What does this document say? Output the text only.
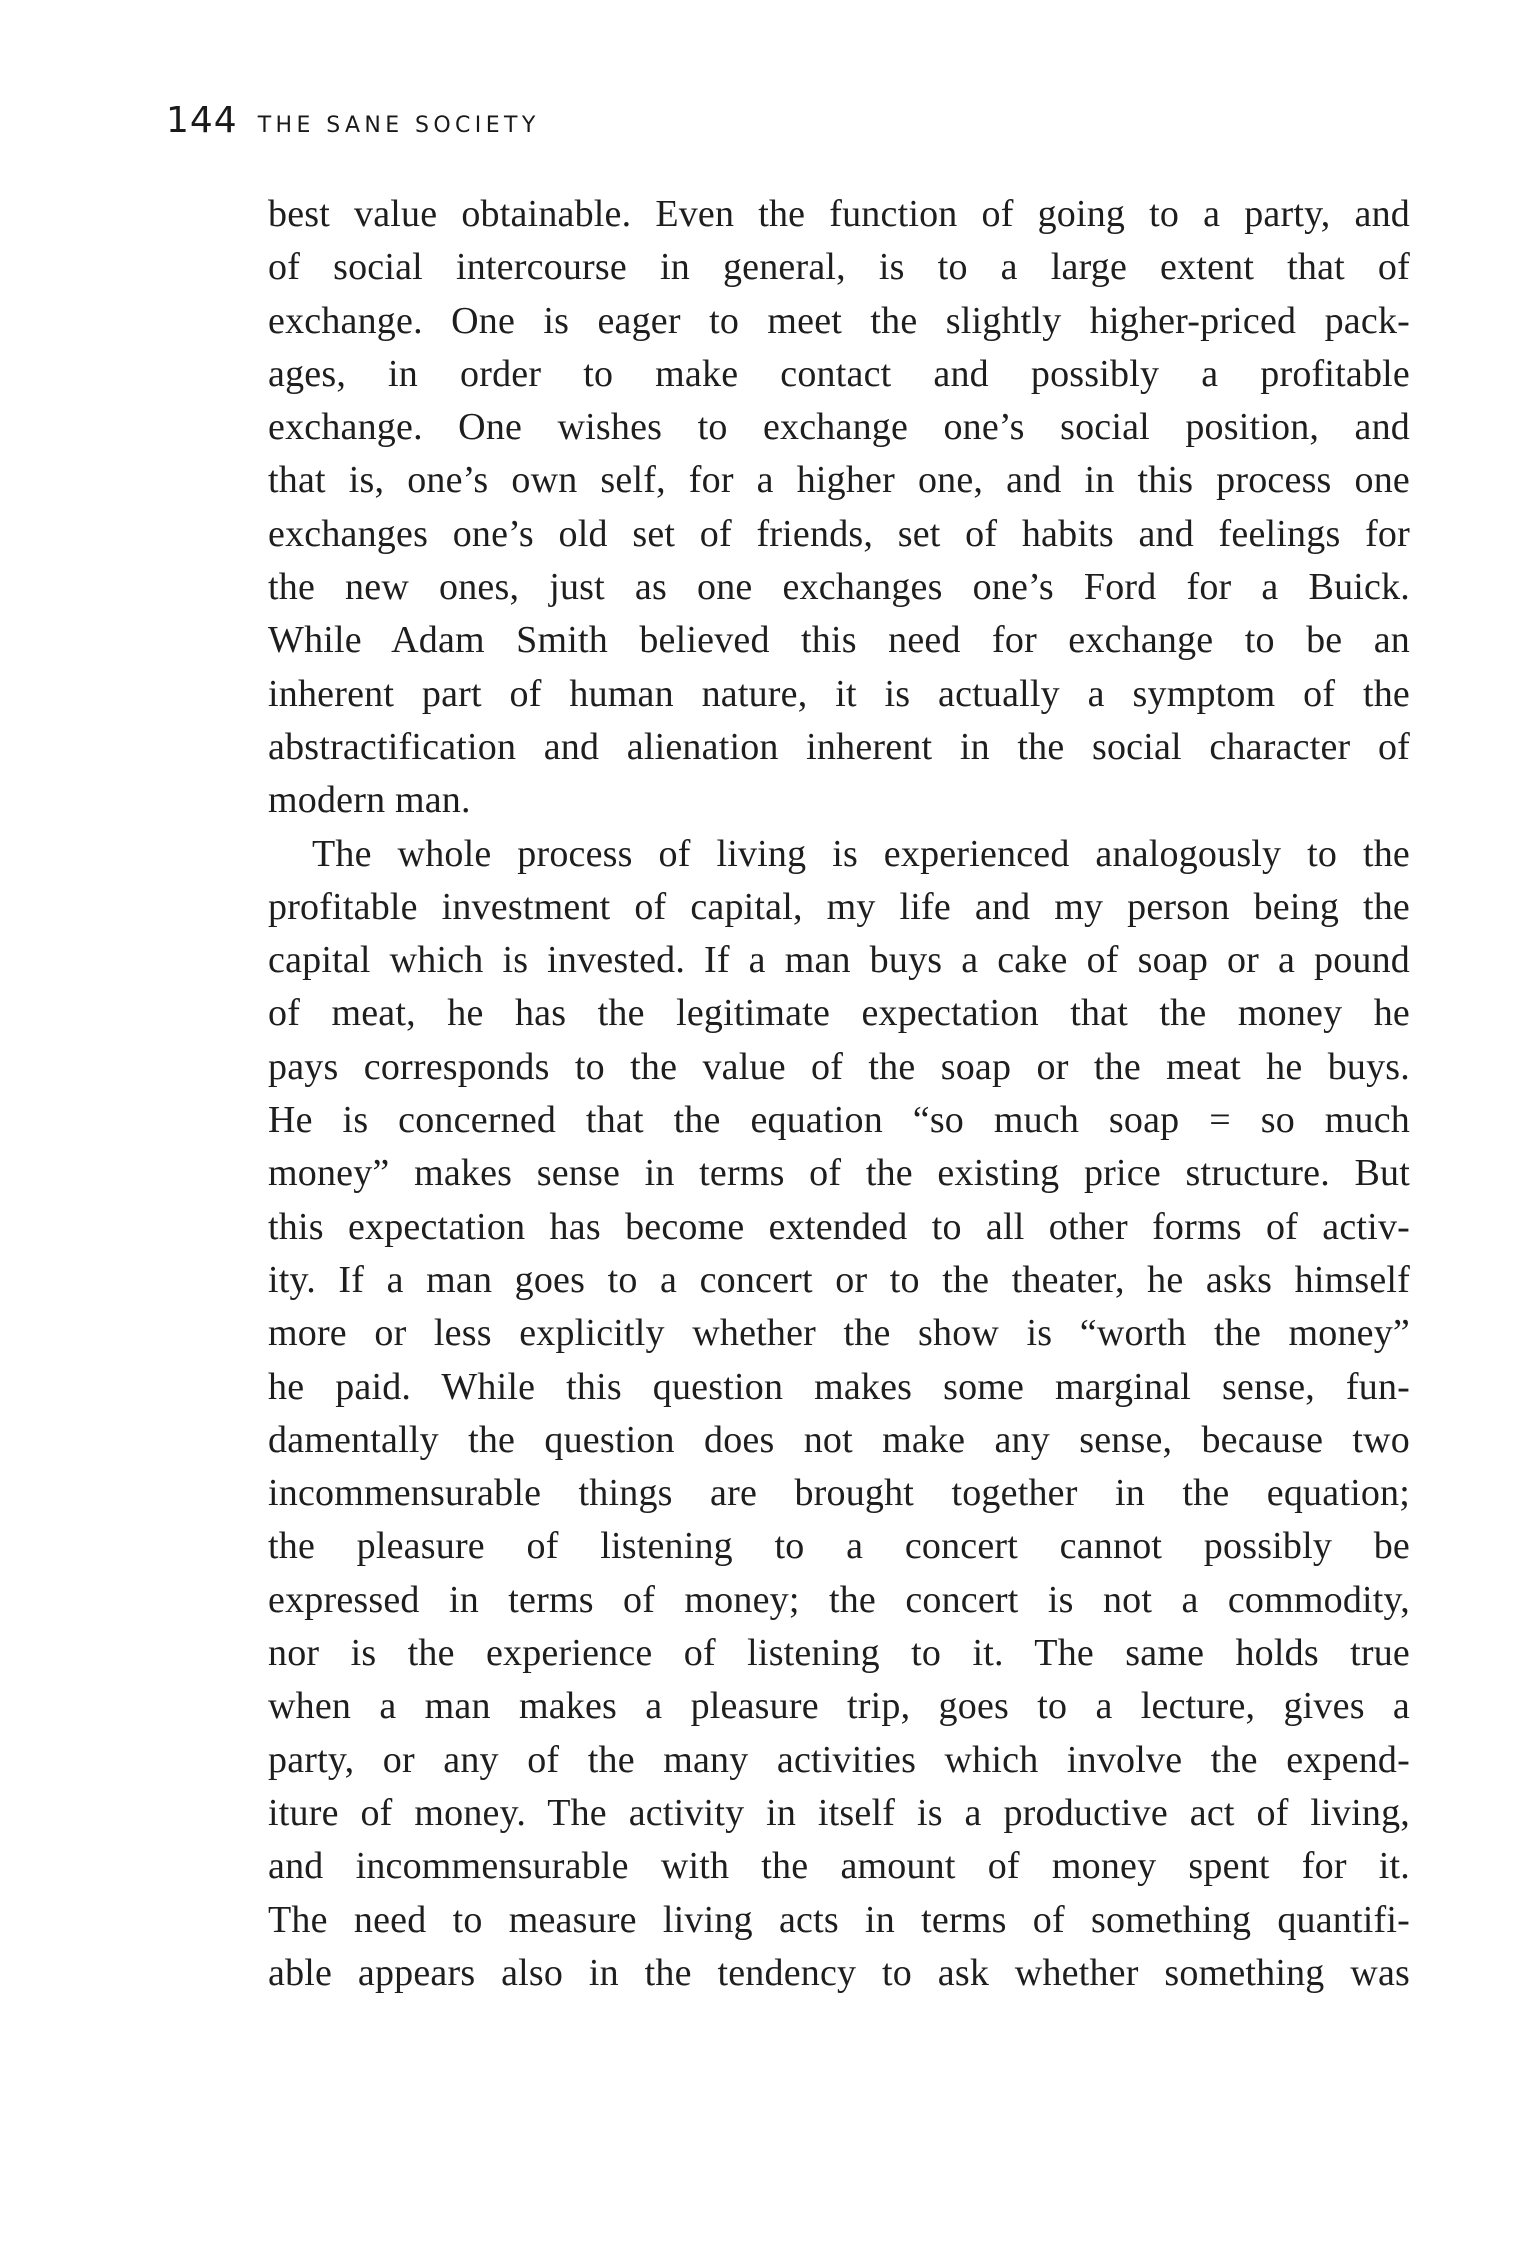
144 THE SANE SOCIETY
best value obtainable. Even the function of going to a party, and
of social intercourse in general, is to a large extent that of
exchange. One is eager to meet the slightly higher-priced pack-
ages, in order to make contact and possibly a profitable
exchange. One wishes to exchange one’s social position, and
that is, one’s own self, for a higher one, and in this process one
exchanges one’s old set of friends, set of habits and feelings for
the new ones, just as one exchanges one’s Ford for a Buick.
While Adam Smith believed this need for exchange to be an
inherent part of human nature, it is actually a symptom of the
abstractification and alienation inherent in the social character of
modern man.
The whole process of living is experienced analogously to the
profitable investment of capital, my life and my person being the
capital which is invested. If a man buys a cake of soap or a pound
of meat, he has the legitimate expectation that the money he
pays corresponds to the value of the soap or the meat he buys.
He is concerned that the equation “so much soap = so much
money” makes sense in terms of the existing price structure. But
this expectation has become extended to all other forms of activ-
ity. If a man goes to a concert or to the theater, he asks himself
more or less explicitly whether the show is “worth the money”
he paid. While this question makes some marginal sense, fun-
damentally the question does not make any sense, because two
incommensurable things are brought together in the equation;
the pleasure of listening to a concert cannot possibly be
expressed in terms of money; the concert is not a commodity,
nor is the experience of listening to it. The same holds true
when a man makes a pleasure trip, goes to a lecture, gives a
party, or any of the many activities which involve the expend-
iture of money. The activity in itself is a productive act of living,
and incommensurable with the amount of money spent for it.
The need to measure living acts in terms of something quantifi-
able appears also in the tendency to ask whether something was
